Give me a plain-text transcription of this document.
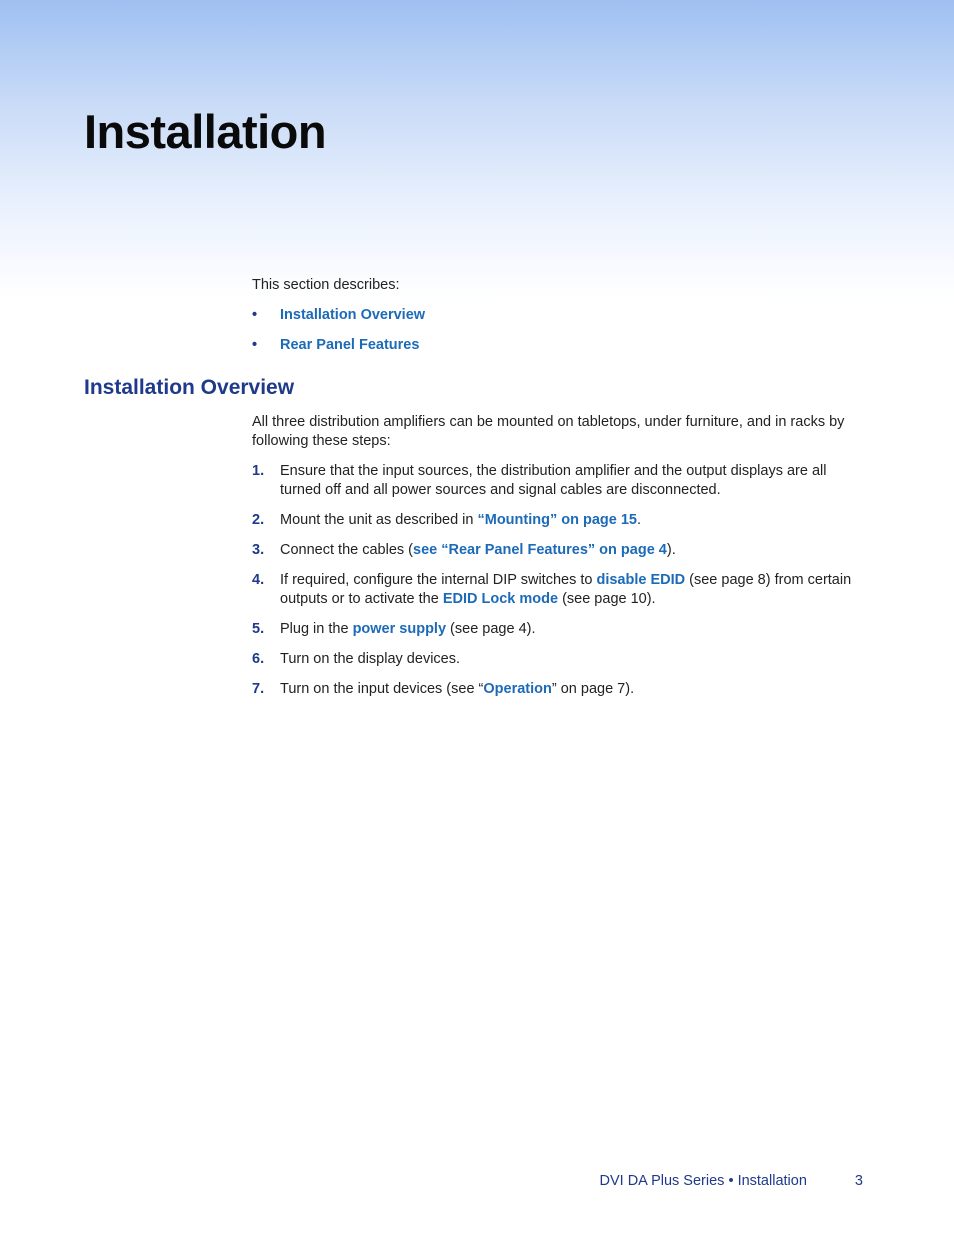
Installation

This section describes:

• Installation Overview
• Rear Panel Features
Installation Overview

All three distribution amplifiers can be mounted on tabletops, under furniture, and in racks by following these steps:

1. Ensure that the input sources, the distribution amplifier and the output displays are all turned off and all power sources and signal cables are disconnected.
2. Mount the unit as described in “Mounting” on page 15.
3. Connect the cables (see “Rear Panel Features” on page 4).
4. If required, configure the internal DIP switches to disable EDID (see page 8) from certain outputs or to activate the EDID Lock mode (see page 10).
5. Plug in the power supply (see page 4).
6. Turn on the display devices.
7. Turn on the input devices (see “Operation” on page 7).
DVI DA Plus Series • Installation	3
